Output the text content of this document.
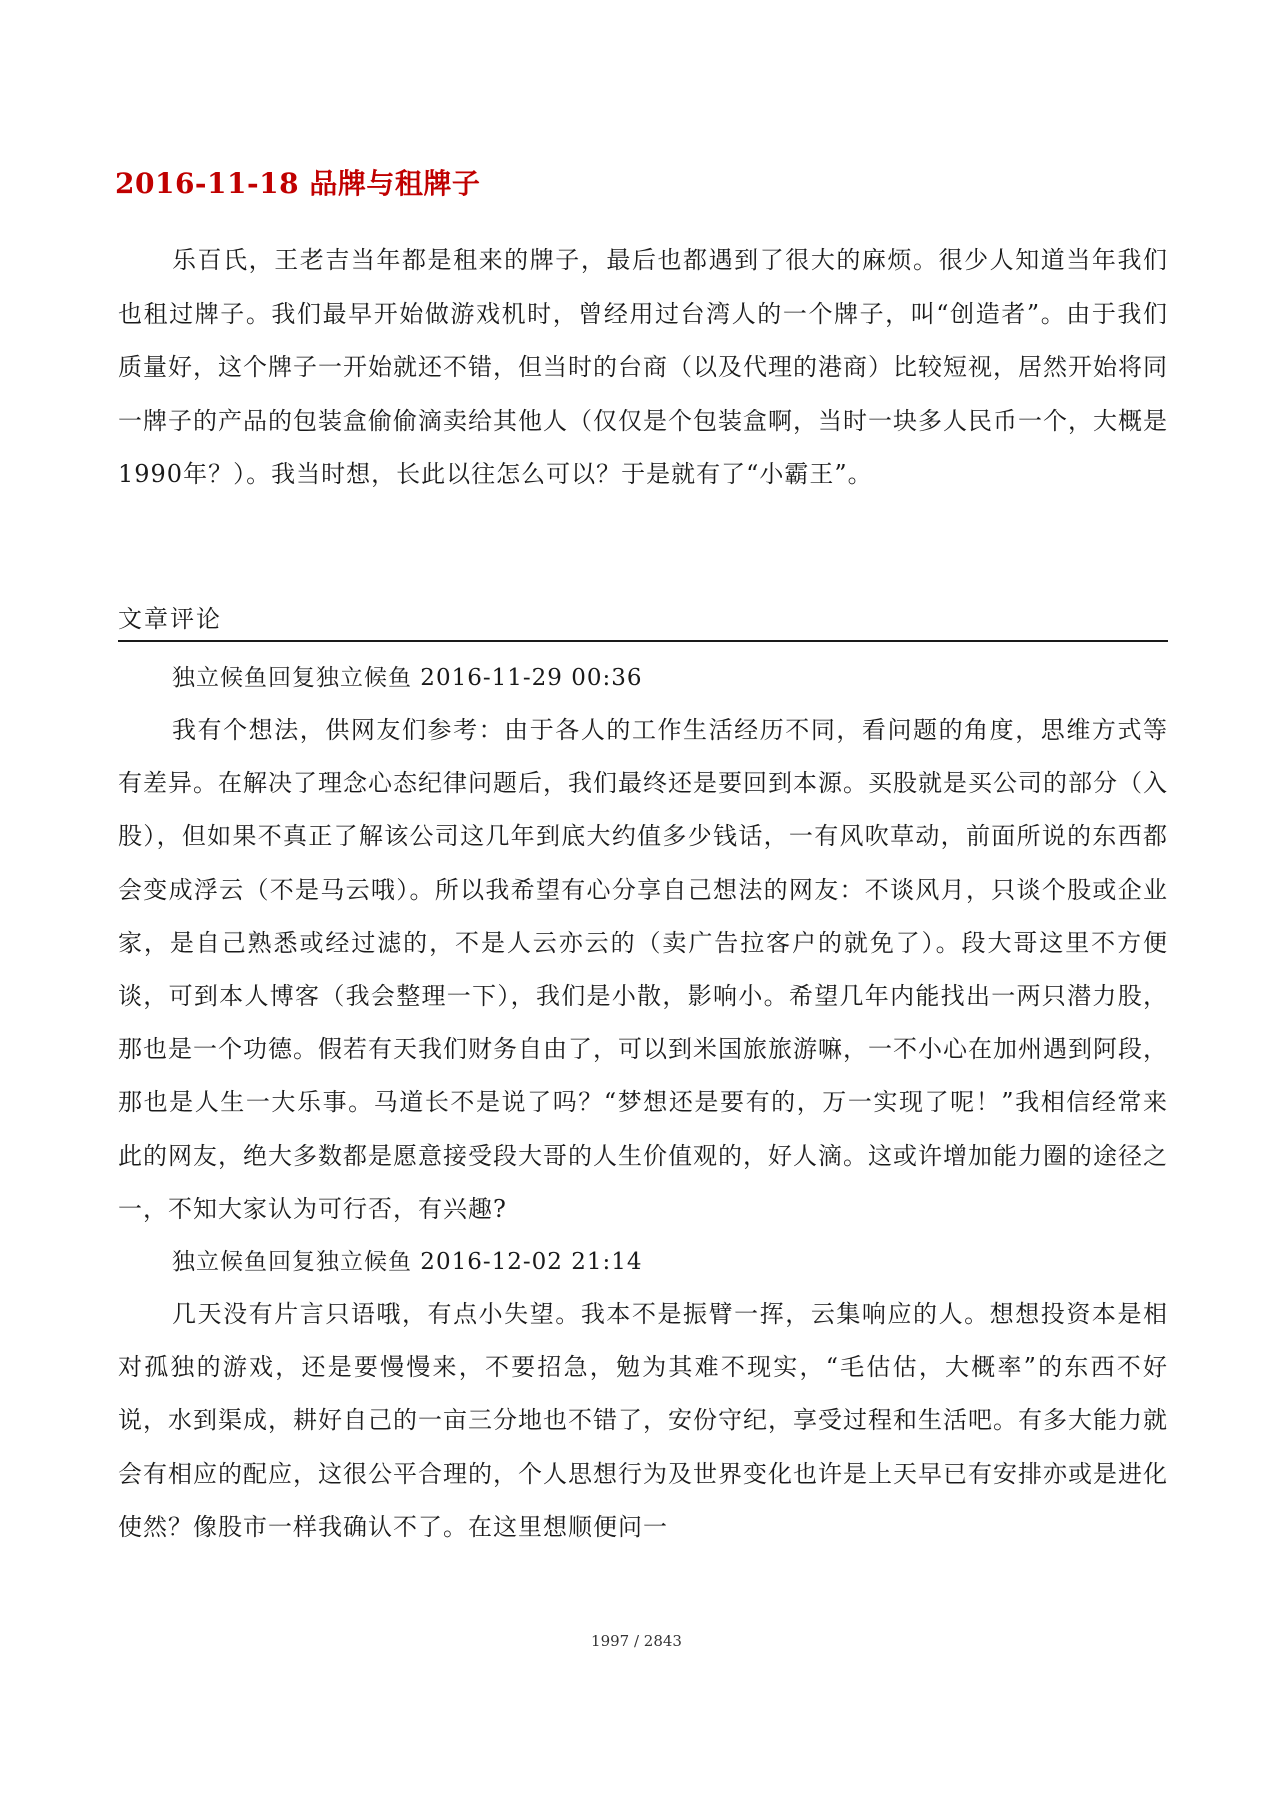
2016-11-18 品牌与租牌子

乐百氏，王老吉当年都是租来的牌子，最后也都遇到了很大的麻烦。很少人知道当年我们也租过牌子。我们最早开始做游戏机时，曾经用过台湾人的一个牌子，叫“创造者”。由于我们质量好，这个牌子一开始就还不错，但当时的台商（以及代理的港商）比较短视，居然开始将同一牌子的产品的包装盒偷偷滴卖给其他人（仅仅是个包装盒啊，当时一块多人民币一个，大概是1990年？）。我当时想，长此以往怎么可以？于是就有了“小霸王”。

文章评论

独立候鱼回复独立候鱼 2016-11-29 00:36

我有个想法，供网友们参考：由于各人的工作生活经历不同，看问题的角度，思维方式等有差异。在解决了理念心态纪律问题后，我们最终还是要回到本源。买股就是买公司的部分（入股），但如果不真正了解该公司这几年到底大约值多少钱话，一有风吹草动，前面所说的东西都会变成浮云（不是马云哦）。所以我希望有心分享自己想法的网友：不谈风月，只谈个股或企业家，是自己熟悉或经过滤的，不是人云亦云的（卖广告拉客户的就免了）。段大哥这里不方便谈，可到本人博客（我会整理一下），我们是小散，影响小。希望几年内能找出一两只潜力股，那也是一个功德。假若有天我们财务自由了，可以到米国旅旅游嘛，一不小心在加州遇到阿段，那也是人生一大乐事。马道长不是说了吗？“梦想还是要有的，万一实现了呢！”我相信经常来此的网友，绝大多数都是愿意接受段大哥的人生价值观的，好人滴。这或许增加能力圈的途径之一，不知大家认为可行否，有兴趣?

独立候鱼回复独立候鱼 2016-12-02 21:14

几天没有片言只语哦，有点小失望。我本不是振臂一挥，云集响应的人。想想投资本是相对孤独的游戏，还是要慢慢来，不要招急，勉为其难不现实，“毛估估，大概率”的东西不好说，水到渠成，耕好自己的一亩三分地也不错了，安份守纪，享受过程和生活吧。有多大能力就会有相应的配应，这很公平合理的，个人思想行为及世界变化也许是上天早已有安排亦或是进化使然？像股市一样我确认不了。在这里想顺便问一

1997 / 2843
